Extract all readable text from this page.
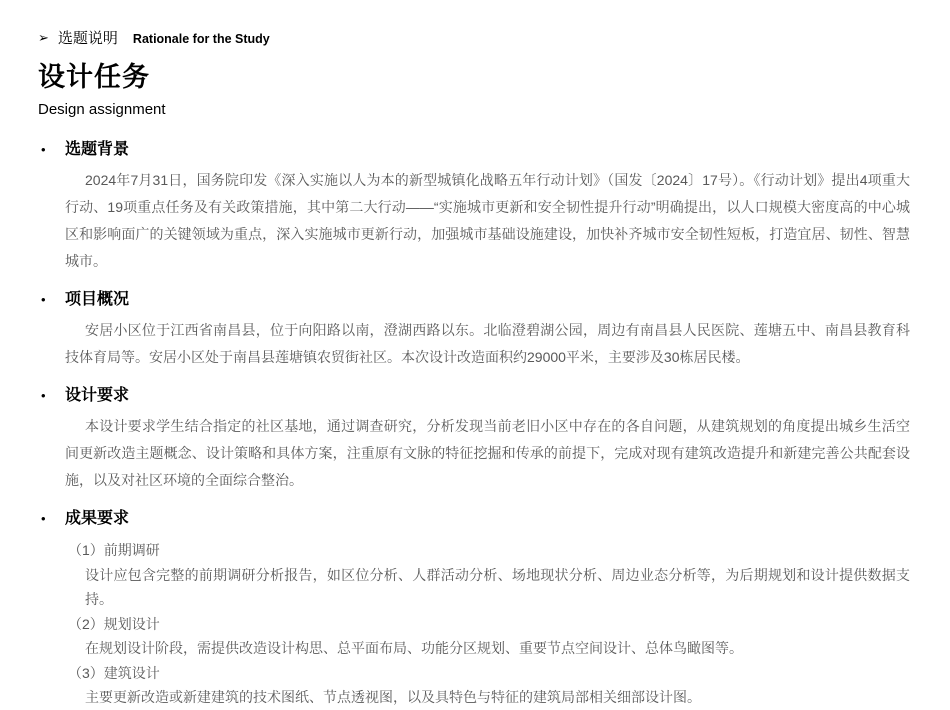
➢ 选题说明 Rationale for the Study
设计任务
Design assignment
•	选题背景

2024年7月31日，国务院印发《深入实施以人为本的新型城镇化战略五年行动计划》（国发〔2024〕17号）。《行动计划》提出4项重大行动、19项重点任务及有关政策措施，其中第二大行动——“实施城市更新和安全韧性提升行动”明确提出，以人口规模大密度高的中心城区和影响面广的关键领域为重点，深入实施城市更新行动，加强城市基础设施建设，加快补齐城市安全韧性短板，打造宜居、韧性、智慧城市。

•	项目概况

安居小区位于江西省南昌县，位于向阳路以南，澄湖西路以东。北临澄碧湖公园，周边有南昌县人民医院、莲塘五中、南昌县教育科技体育局等。安居小区处于南昌县莲塘镇农贸街社区。本次设计改造面积约29000平米，主要涉及30栋居民楼。

•	设计要求

本设计要求学生结合指定的社区基地，通过调查研究，分析发现当前老旧小区中存在的各自问题，从建筑规划的角度提出城乡生活空间更新改造主题概念、设计策略和具体方案，注重原有文脉的特征挖掘和传承的前提下，完成对现有建筑改造提升和新建完善公共配套设施，以及对社区环境的全面综合整治。

•	成果要求
（1）前期调研
设计应包含完整的前期调研分析报告，如区位分析、人群活动分析、场地现状分析、周边业态分析等，为后期规划和设计提供数据支持。
（2）规划设计
在规划设计阶段，需提供改造设计构思、总平面布局、功能分区规划、重要节点空间设计、总体鸟瞰图等。
（3）建筑设计
主要更新改造或新建建筑的技术图纸、节点透视图，以及具特色与特征的建筑局部相关细部设计图。
